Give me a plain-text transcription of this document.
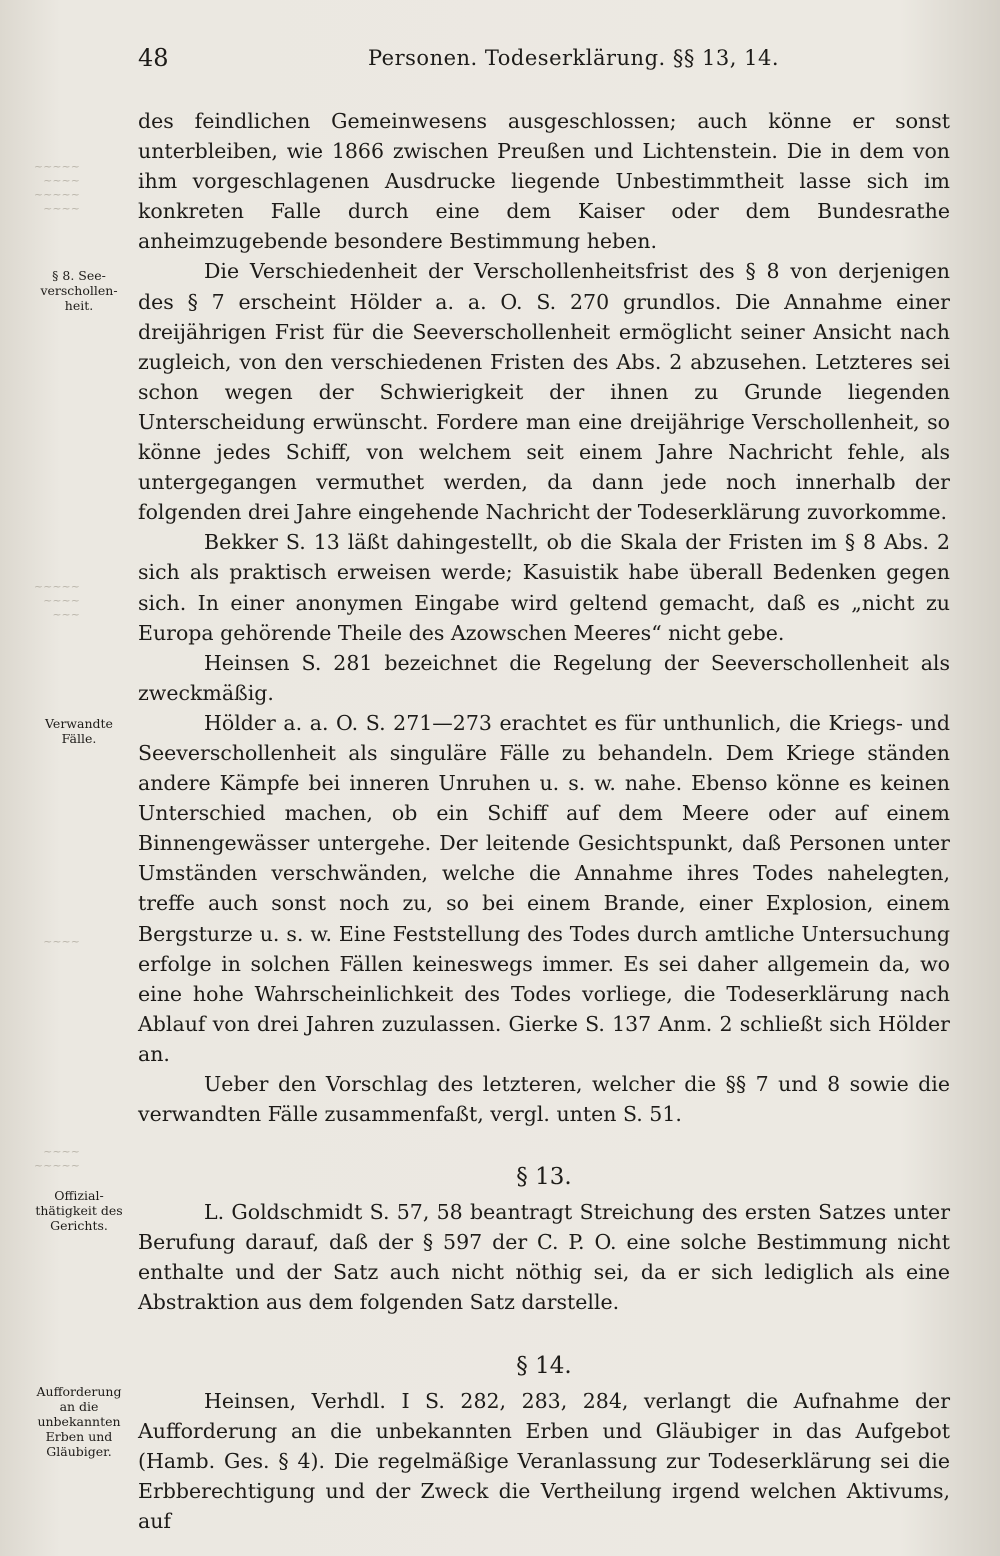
48	Personen. Todeserklärung. §§ 13, 14.
~~~~~
~~~~
~~~~~
~~~~
~~~~~
~~~~
~~~
~~~~
~~~~
~~~~~
§ 8. See-
verschollen-
heit.
Verwandte
Fälle.
Offizial-
thätigkeit des
Gerichts.
Aufforderung
an die
unbekannten
Erben und
Gläubiger.

des feindlichen Gemeinwesens ausgeschlossen; auch könne er sonst unterbleiben, wie 1866 zwischen Preußen und Lichtenstein. Die in dem von ihm vorgeschlagenen Ausdrucke liegende Unbestimmtheit lasse sich im konkreten Falle durch eine dem Kaiser oder dem Bundesrathe anheimzugebende besondere Bestimmung heben.

Die Verschiedenheit der Verschollenheitsfrist des § 8 von derjenigen des § 7 erscheint Hölder a. a. O. S. 270 grundlos. Die Annahme einer dreijährigen Frist für die Seeverschollenheit ermöglicht seiner Ansicht nach zugleich, von den verschiedenen Fristen des Abs. 2 abzusehen. Letzteres sei schon wegen der Schwierigkeit der ihnen zu Grunde liegenden Unterscheidung erwünscht. Fordere man eine dreijährige Verschollenheit, so könne jedes Schiff, von welchem seit einem Jahre Nachricht fehle, als untergegangen vermuthet werden, da dann jede noch innerhalb der folgenden drei Jahre eingehende Nachricht der Todeserklärung zuvorkomme.

Bekker S. 13 läßt dahingestellt, ob die Skala der Fristen im § 8 Abs. 2 sich als praktisch erweisen werde; Kasuistik habe überall Bedenken gegen sich. In einer anonymen Eingabe wird geltend gemacht, daß es „nicht zu Europa gehörende Theile des Azowschen Meeres“ nicht gebe.

Heinsen S. 281 bezeichnet die Regelung der Seeverschollenheit als zweckmäßig.

Hölder a. a. O. S. 271—273 erachtet es für unthunlich, die Kriegs- und Seeverschollenheit als singuläre Fälle zu behandeln. Dem Kriege ständen andere Kämpfe bei inneren Unruhen u. s. w. nahe. Ebenso könne es keinen Unterschied machen, ob ein Schiff auf dem Meere oder auf einem Binnengewässer untergehe. Der leitende Gesichtspunkt, daß Personen unter Umständen verschwänden, welche die Annahme ihres Todes nahelegten, treffe auch sonst noch zu, so bei einem Brande, einer Explosion, einem Bergsturze u. s. w. Eine Feststellung des Todes durch amtliche Untersuchung erfolge in solchen Fällen keineswegs immer. Es sei daher allgemein da, wo eine hohe Wahrscheinlichkeit des Todes vorliege, die Todeserklärung nach Ablauf von drei Jahren zuzulassen. Gierke S. 137 Anm. 2 schließt sich Hölder an.

Ueber den Vorschlag des letzteren, welcher die §§ 7 und 8 sowie die verwandten Fälle zusammenfaßt, vergl. unten S. 51.

§ 13.

L. Goldschmidt S. 57, 58 beantragt Streichung des ersten Satzes unter Berufung darauf, daß der § 597 der C. P. O. eine solche Bestimmung nicht enthalte und der Satz auch nicht nöthig sei, da er sich lediglich als eine Abstraktion aus dem folgenden Satz darstelle.

§ 14.

Heinsen, Verhdl. I S. 282, 283, 284, verlangt die Aufnahme der Aufforderung an die unbekannten Erben und Gläubiger in das Aufgebot (Hamb. Ges. § 4). Die regelmäßige Veranlassung zur Todeserklärung sei die Erbberechtigung und der Zweck die Vertheilung irgend welchen Aktivums, auf
